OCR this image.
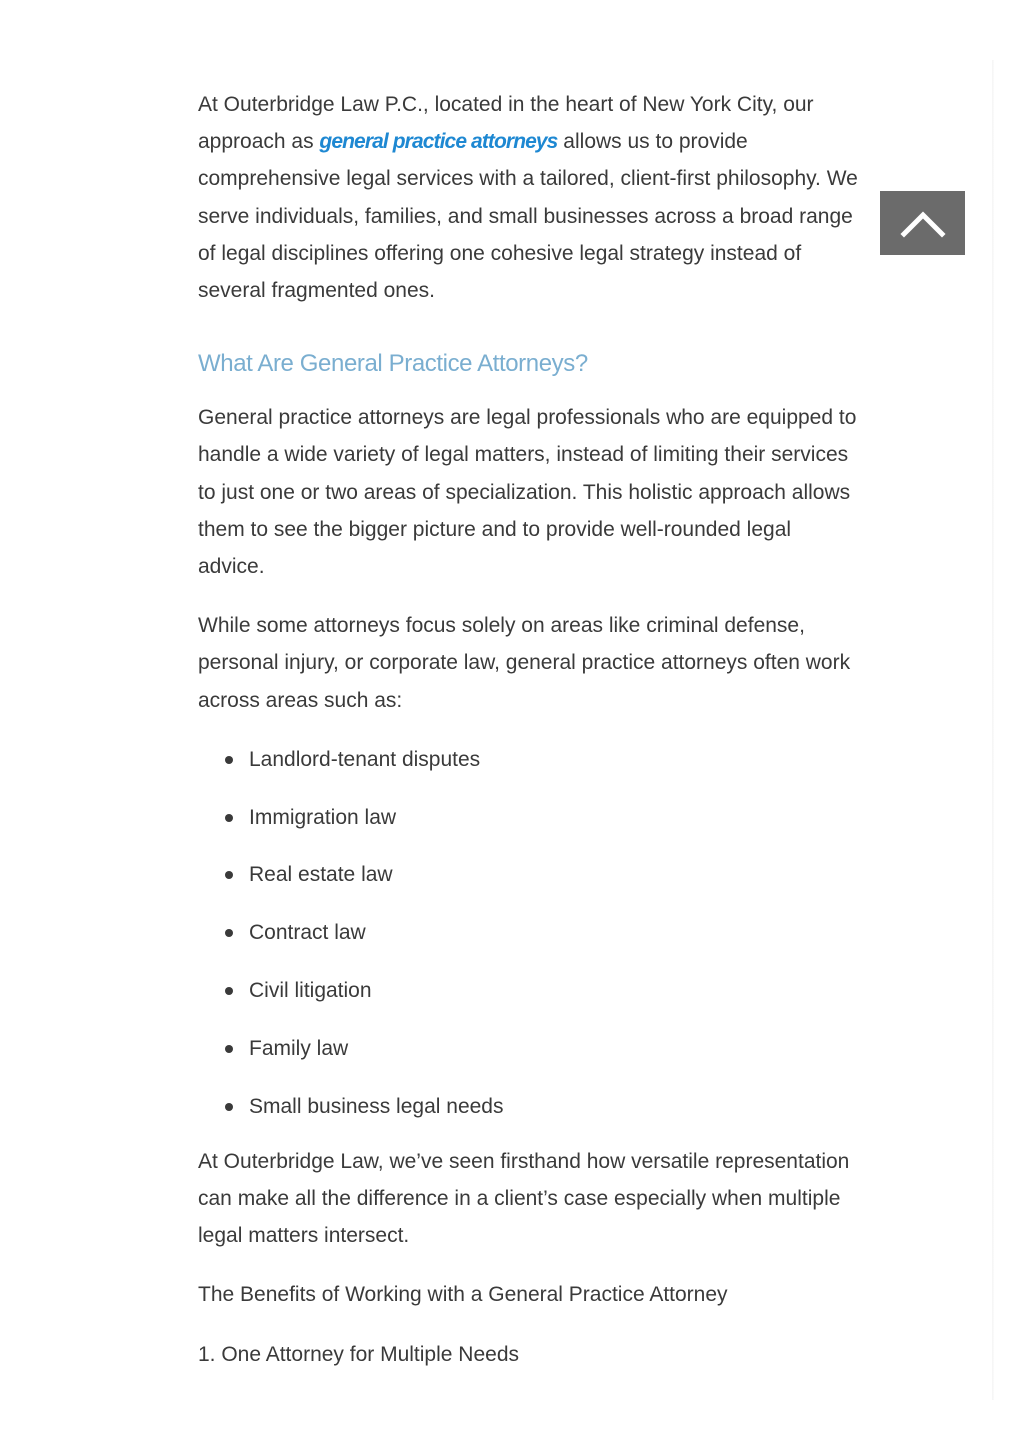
At Outerbridge Law P.C., located in the heart of New York City, our approach as general practice attorneys allows us to provide comprehensive legal services with a tailored, client-first philosophy. We serve individuals, families, and small businesses across a broad range of legal disciplines offering one cohesive legal strategy instead of several fragmented ones.

What Are General Practice Attorneys?

General practice attorneys are legal professionals who are equipped to handle a wide variety of legal matters, instead of limiting their services to just one or two areas of specialization. This holistic approach allows them to see the bigger picture and to provide well-rounded legal advice.

While some attorneys focus solely on areas like criminal defense, personal injury, or corporate law, general practice attorneys often work across areas such as:

Landlord-tenant disputes
Immigration law
Real estate law
Contract law
Civil litigation
Family law
Small business legal needs

At Outerbridge Law, we’ve seen firsthand how versatile representation can make all the difference in a client’s case especially when multiple legal matters intersect.

The Benefits of Working with a General Practice Attorney

1. One Attorney for Multiple Needs
